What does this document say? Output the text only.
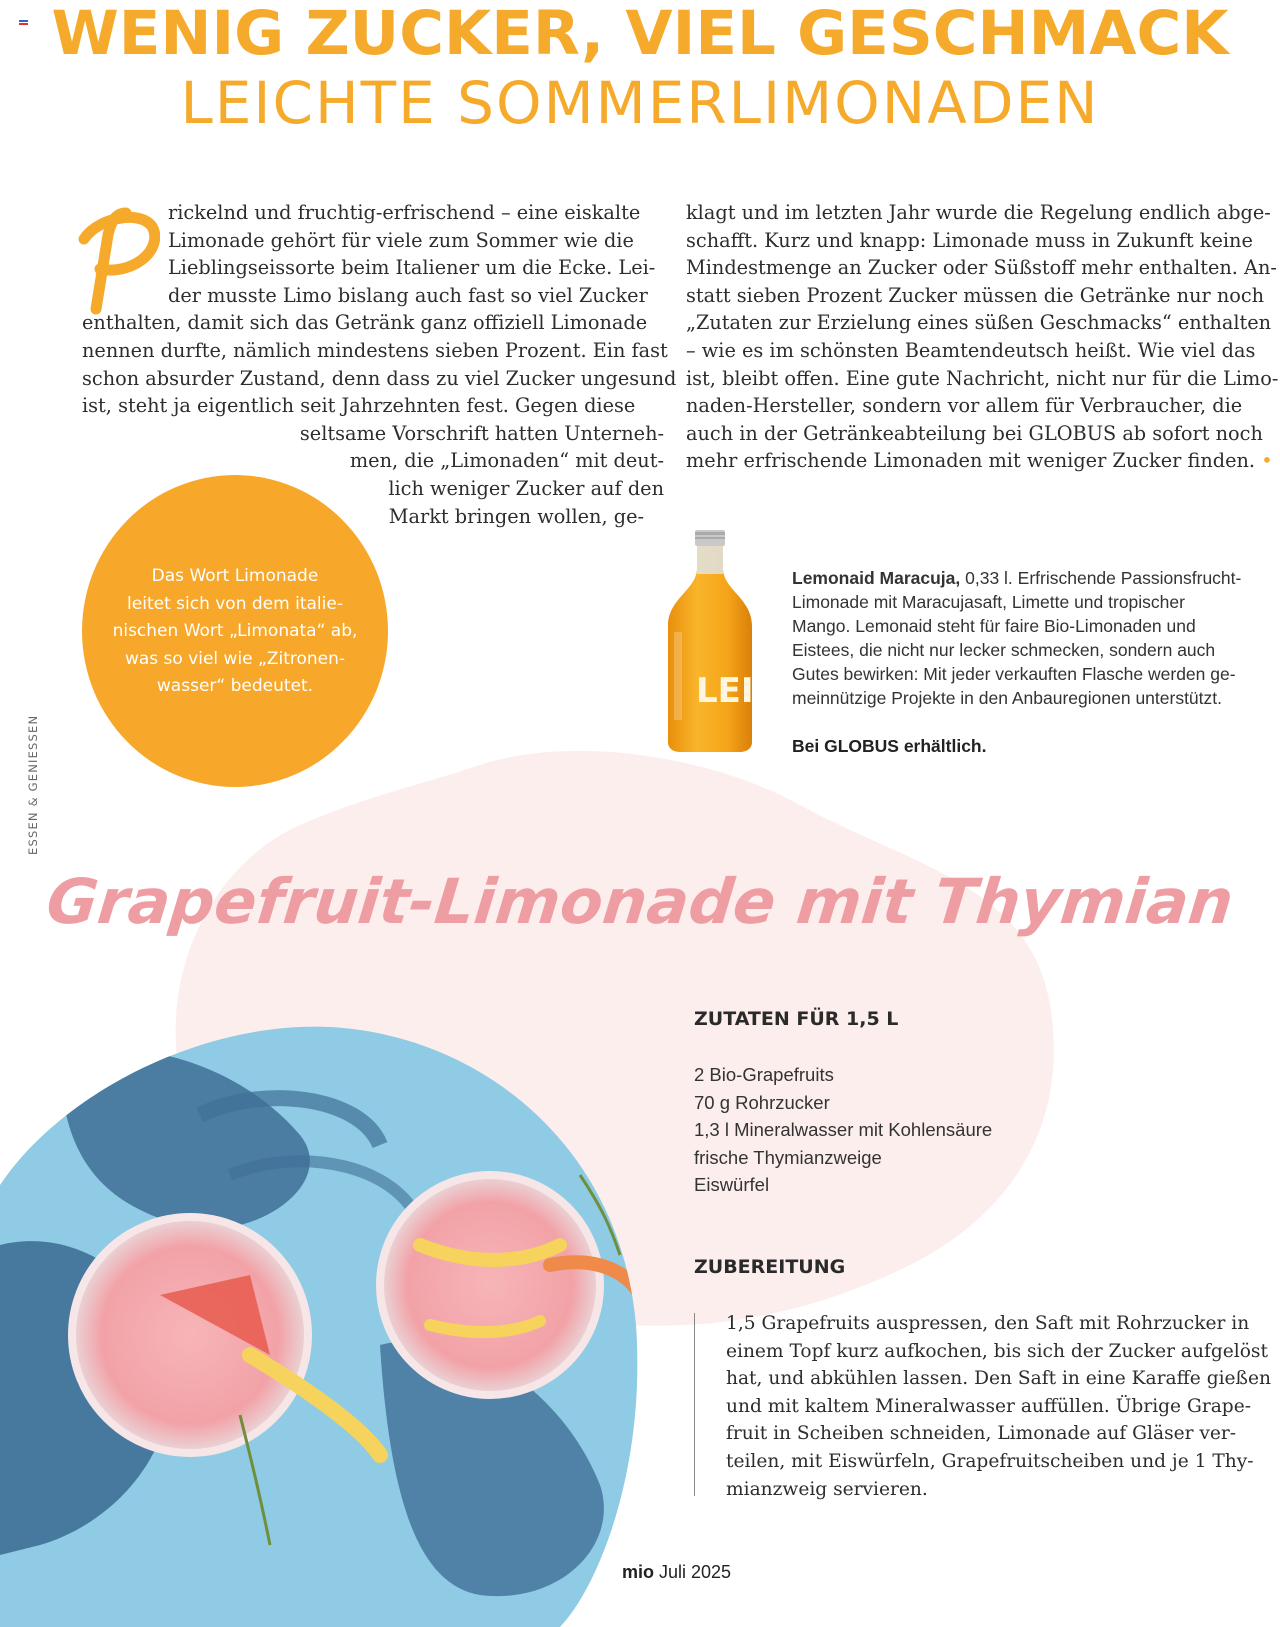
WENIG ZUCKER, VIEL GESCHMACK
LEICHTE SOMMERLIMONADEN
ESSEN & GENIESSEN
P
rickelnd und fruchtig-erfrischend – eine eiskalte
Limonade gehört für viele zum Sommer wie die
Lieblingseissorte beim Italiener um die Ecke. Lei-
der musste Limo bislang auch fast so viel Zucker
enthalten, damit sich das Getränk ganz offiziell Limonade
nennen durfte, nämlich mindestens sieben Prozent. Ein fast
schon absurder Zustand, denn dass zu viel Zucker ungesund
ist, steht ja eigentlich seit Jahrzehnten fest. Gegen diese
seltsame Vorschrift hatten Unterneh-
men, die „Limonaden“ mit deut-
lich weniger Zucker auf den
Markt bringen wollen, ge-
klagt und im letzten Jahr wurde die Regelung endlich abge-
schafft. Kurz und knapp: Limonade muss in Zukunft keine
Mindestmenge an Zucker oder Süßstoff mehr enthalten. An-
statt sieben Prozent Zucker müssen die Getränke nur noch
„Zutaten zur Erzielung eines süßen Geschmacks“ enthalten
– wie es im schönsten Beamtendeutsch heißt. Wie viel das
ist, bleibt offen. Eine gute Nachricht, nicht nur für die Limo-
naden-Hersteller, sondern vor allem für Verbraucher, die
auch in der Getränkeabteilung bei GLOBUS ab sofort noch
mehr erfrischende Limonaden mit weniger Zucker finden. •
Das Wort Limonade
leitet sich von dem italie-
nischen Wort „Limonata“ ab,
was so viel wie „Zitronen-
wasser“ bedeutet.	LEI
Lemonaid Maracuja, 0,33 l. Erfrischende Passionsfrucht-
Limonade mit Maracujasaft, Limette und tropischer
Mango. Lemonaid steht für faire Bio-Limonaden und
Eistees, die nicht nur lecker schmecken, sondern auch
Gutes bewirken: Mit jeder verkauften Flasche werden ge-
meinnützige Projekte in den Anbauregionen unterstützt.
Bei GLOBUS erhältlich.
Grapefruit-Limonade mit Thymian
ZUTATEN FÜR 1,5 L
2 Bio-Grapefruits
70 g Rohrzucker
1,3 l Mineralwasser mit Kohlensäure
frische Thymianzweige
Eiswürfel
ZUBEREITUNG
1,5 Grapefruits auspressen, den Saft mit Rohrzucker in
einem Topf kurz aufkochen, bis sich der Zucker aufgelöst
hat, und abkühlen lassen. Den Saft in eine Karaffe gießen
und mit kaltem Mineralwasser auffüllen. Übrige Grape-
fruit in Scheiben schneiden, Limonade auf Gläser ver-
teilen, mit Eiswürfeln, Grapefruitscheiben und je 1 Thy-
mianzweig servieren.
mio Juli 2025
